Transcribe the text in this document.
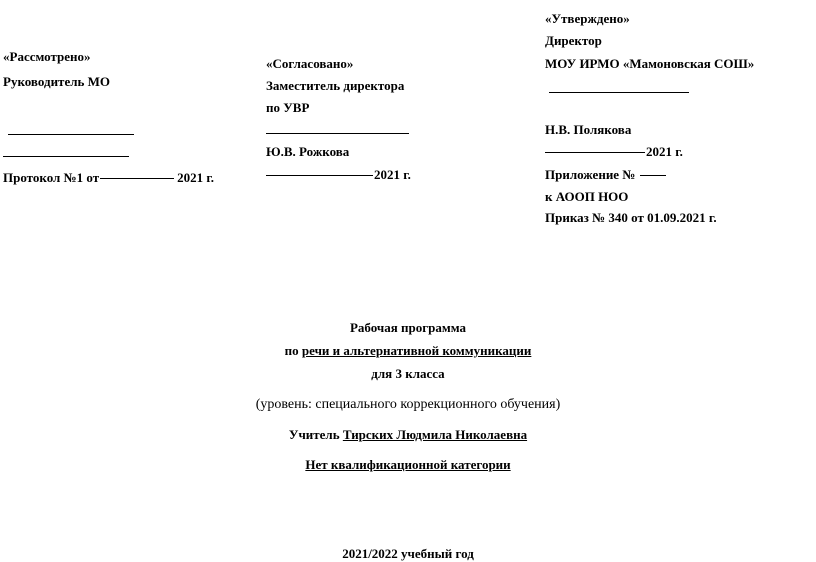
«Рассмотрено»
Руководитель МО
Протокол №1 от	2021 г.
«Согласовано»
Заместитель директора
по УВР
Ю.В. Рожкова
2021 г.
«Утверждено»
Директор
МОУ ИРМО «Мамоновская СОШ»
Н.В. Полякова
2021 г.
Приложение №
к АООП НОО
Приказ № 340 от 01.09.2021 г.
Рабочая программа
по речи и альтернативной коммуникации
для 3 класса
(уровень: специального коррекционного обучения)
Учитель Тирских Людмила Николаевна
Нет квалификационной категории
2021/2022 учебный год
